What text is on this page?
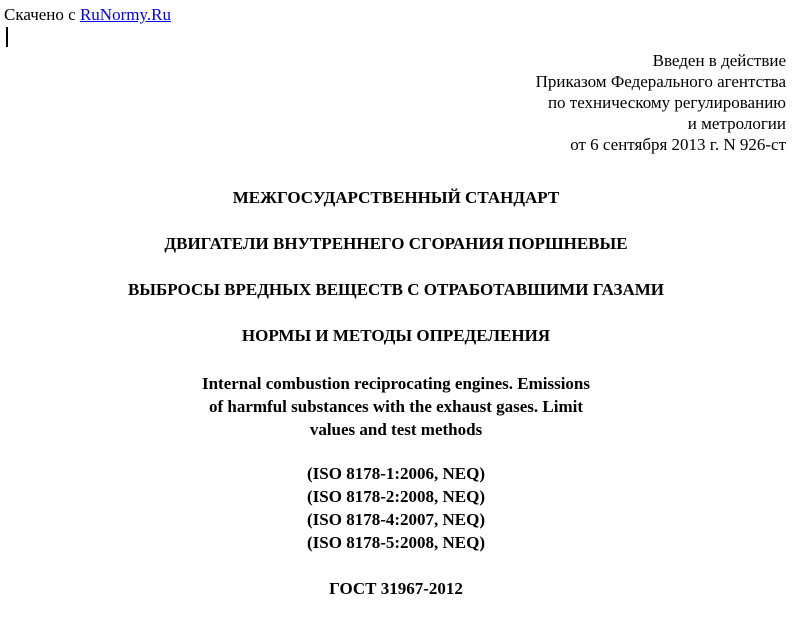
Скачено с RuNormy.Ru
Введен в действие
Приказом Федерального агентства
по техническому регулированию
и метрологии
от 6 сентября 2013 г. N 926-ст
МЕЖГОСУДАРСТВЕННЫЙ СТАНДАРТ
ДВИГАТЕЛИ ВНУТРЕННЕГО СГОРАНИЯ ПОРШНЕВЫЕ
ВЫБРОСЫ ВРЕДНЫХ ВЕЩЕСТВ С ОТРАБОТАВШИМИ ГАЗАМИ
НОРМЫ И МЕТОДЫ ОПРЕДЕЛЕНИЯ
Internal combustion reciprocating engines. Emissions
of harmful substances with the exhaust gases. Limit
values and test methods
(ISO 8178-1:2006, NEQ)
(ISO 8178-2:2008, NEQ)
(ISO 8178-4:2007, NEQ)
(ISO 8178-5:2008, NEQ)
ГОСТ 31967-2012
